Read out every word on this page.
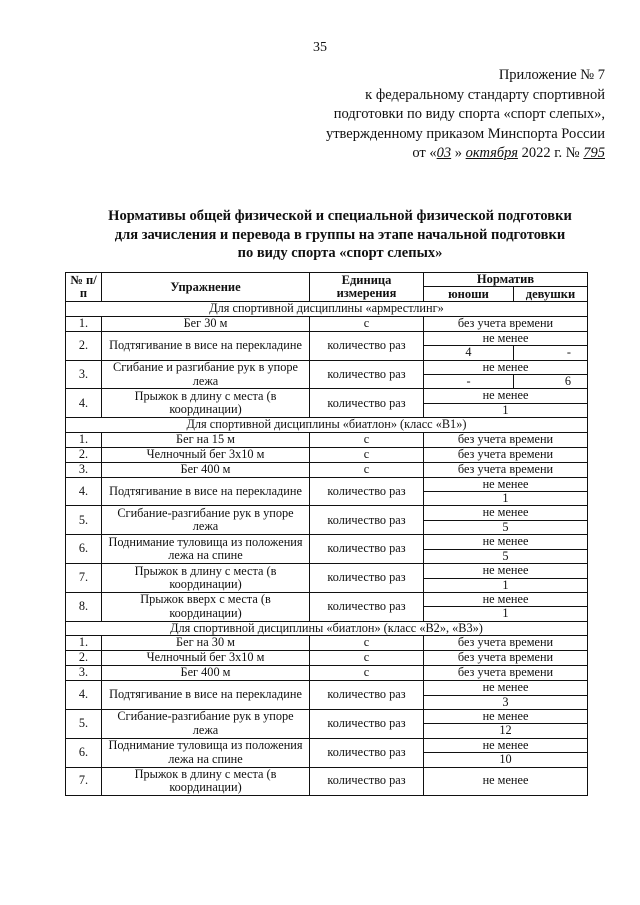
35
Приложение № 7
к федеральному стандарту спортивной
подготовки по виду спорта «спорт слепых»,
утвержденному приказом Минспорта России
от «03 » октября 2022 г. № 795
Нормативы общей физической и специальной физической подготовки
для зачисления и перевода в группы на этапе начальной подготовки
по виду спорта «спорт слепых»
№ п/п	Упражнение	Единица измерения	Норматив	
			юноши	девушки
Для спортивной дисциплины «армрестлинг»				
1.	Бег 30 м	с	без учета времени	
2.	Подтягивание в висе на перекладине	количество раз	не менее	
			4	-
3.	Сгибание и разгибание рук в упоре лежа	количество раз	не менее	
			-	6
4.	Прыжок в длину с места (в координации)	количество раз	не менее	
			1	
Для спортивной дисциплины «биатлон» (класс «В1»)				
1.	Бег на 15 м	с	без учета времени	
2.	Челночный бег 3х10 м	с	без учета времени	
3.	Бег 400 м	с	без учета времени	
4.	Подтягивание в висе на перекладине	количество раз	не менее	
			1	
5.	Сгибание-разгибание рук в упоре лежа	количество раз	не менее	
			5	
6.	Поднимание туловища из положения лежа на спине	количество раз	не менее	
			5	
7.	Прыжок в длину с места (в координации)	количество раз	не менее	
			1	
8.	Прыжок вверх с места (в координации)	количество раз	не менее	
			1	
Для спортивной дисциплины «биатлон» (класс «В2», «В3»)				
1.	Бег на 30 м	с	без учета времени	
2.	Челночный бег 3х10 м	с	без учета времени	
3.	Бег 400 м	с	без учета времени	
4.	Подтягивание в висе на перекладине	количество раз	не менее	
			3	
5.	Сгибание-разгибание рук в упоре лежа	количество раз	не менее	
			12	
6.	Поднимание туловища из положения лежа на спине	количество раз	не менее	
			10	
7.	Прыжок в длину с места (в координации)	количество раз	не менее	
